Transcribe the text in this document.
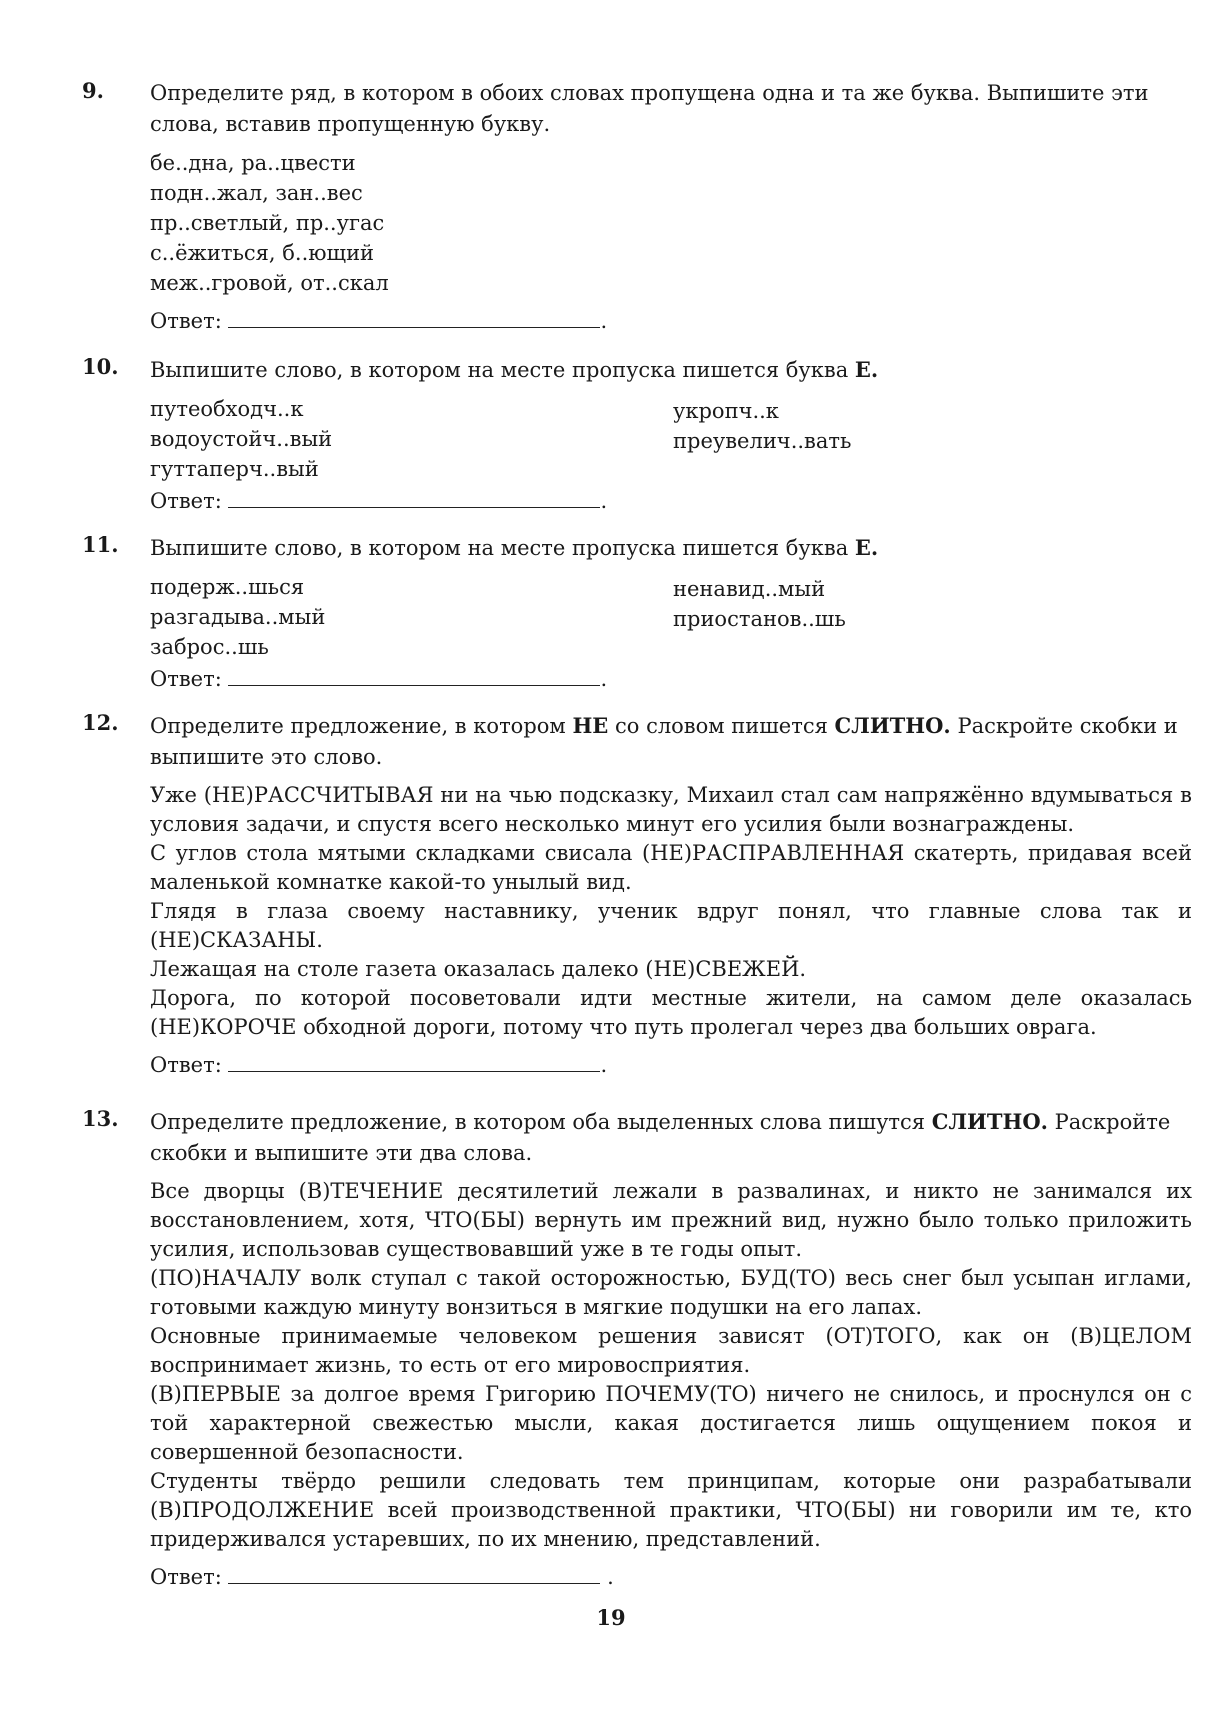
9. Определите ряд, в котором в обоих словах пропущена одна и та же буква. Выпишите эти слова, вставив пропущенную букву.
бе..дна, ра..цвести
подн..жал, зан..вес
пр..светлый, пр..угас
с..ёжиться, б..ющий
меж..гровой, от..скал
Ответ:	.
10. Выпишите слово, в котором на месте пропуска пишется буква Е.
путеобходч..к
водоустойч..вый
гуттаперч..вый
укропч..к
преувелич..вать
Ответ:	.
11. Выпишите слово, в котором на месте пропуска пишется буква Е.
подерж..шься
разгадыва..мый
заброс..шь
ненавид..мый
приостанов..шь
Ответ:	.
12. Определите предложение, в котором НЕ со словом пишется СЛИТНО. Раскройте скобки и выпишите это слово.
Уже (НЕ)РАССЧИТЫВАЯ ни на чью подсказку, Михаил стал сам напряжённо вдумываться в условия задачи, и спустя всего несколько минут его усилия были вознаграждены.
С углов стола мятыми складками свисала (НЕ)РАСПРАВЛЕННАЯ скатерть, придавая всей маленькой комнатке какой-то унылый вид.
Глядя в глаза своему наставнику, ученик вдруг понял, что главные слова так и (НЕ)СКАЗАНЫ.
Лежащая на столе газета оказалась далеко (НЕ)СВЕЖЕЙ.
Дорога, по которой посоветовали идти местные жители, на самом деле оказалась (НЕ)КОРОЧЕ обходной дороги, потому что путь пролегал через два больших оврага.
Ответ:	.
13. Определите предложение, в котором оба выделенных слова пишутся СЛИТНО. Раскройте скобки и выпишите эти два слова.
Все дворцы (В)ТЕЧЕНИЕ десятилетий лежали в развалинах, и никто не занимался их восстановлением, хотя, ЧТО(БЫ) вернуть им прежний вид, нужно было только приложить усилия, использовав существовавший уже в те годы опыт.
(ПО)НАЧАЛУ волк ступал с такой осторожностью, БУД(ТО) весь снег был усыпан иглами, готовыми каждую минуту вонзиться в мягкие подушки на его лапах.
Основные принимаемые человеком решения зависят (ОТ)ТОГО, как он (В)ЦЕЛОМ воспринимает жизнь, то есть от его мировосприятия.
(В)ПЕРВЫЕ за долгое время Григорию ПОЧЕМУ(ТО) ничего не снилось, и проснулся он с той характерной свежестью мысли, какая достигается лишь ощущением покоя и совершенной безопасности.
Студенты твёрдо решили следовать тем принципам, которые они разрабатывали (В)ПРОДОЛЖЕНИЕ всей производственной практики, ЧТО(БЫ) ни говорили им те, кто придерживался устаревших, по их мнению, представлений.
Ответ:	.
19
